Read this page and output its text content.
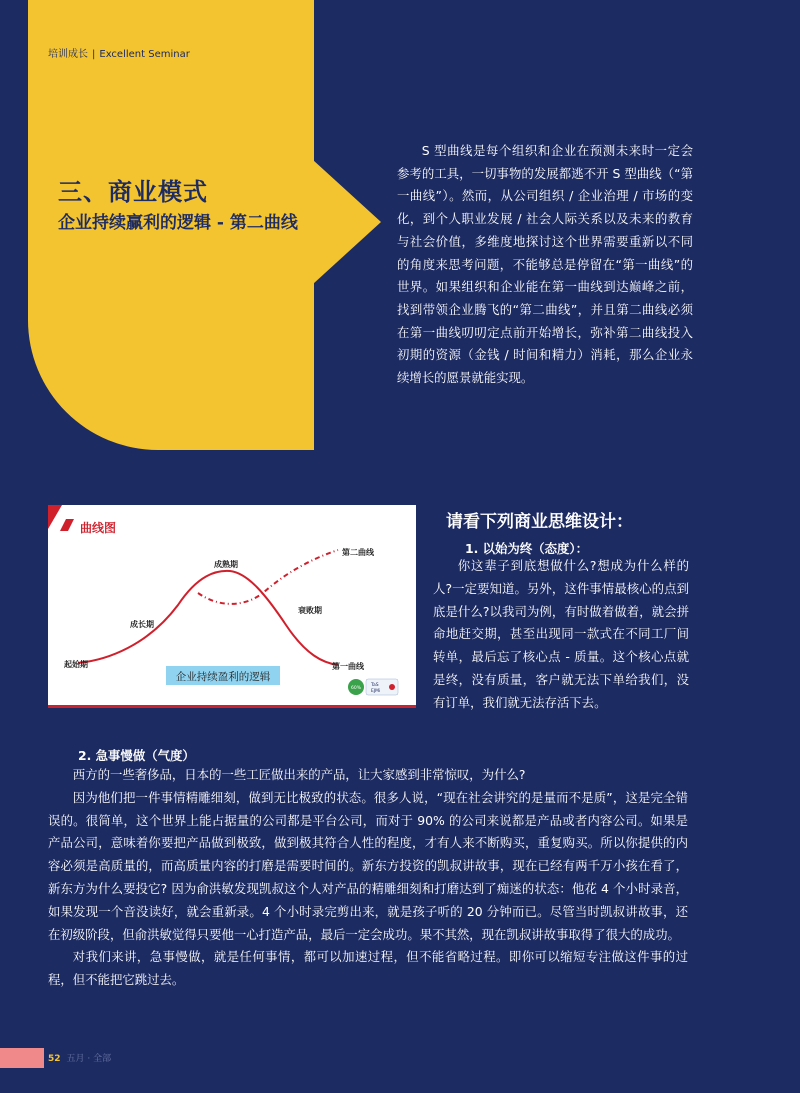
培训成长 | Excellent Seminar
三、商业模式
企业持续赢利的逻辑 - 第二曲线

S 型曲线是每个组织和企业在预测未来时一定会参考的工具，一切事物的发展都逃不开 S 型曲线（“第一曲线”）。然而，从公司组织 / 企业治理 / 市场的变化，到个人职业发展 / 社会人际关系以及未来的教育与社会价值，多维度地探讨这个世界需要重新以不同的角度来思考问题，不能够总是停留在“第一曲线”的世界。如果组织和企业能在第一曲线到达巅峰之前，找到带领企业腾飞的“第二曲线”，并且第二曲线必须在第一曲线叨叨定点前开始增长，弥补第二曲线投入初期的资源（金钱 / 时间和精力）消耗，那么企业永续增长的愿景就能实现。

曲线图
起始期
成长期
成熟期
衰败期
第一曲线
第二曲线
企业持续盈利的逻辑
60%
TaS
EJMi
请看下列商业思维设计：
1. 以始为终（态度）：

你这辈子到底想做什么?想成为什么样的人?一定要知道。另外，这件事情最核心的点到底是什么?以我司为例，有时做着做着，就会拼命地赶交期，甚至出现同一款式在不同工厂间转单，最后忘了核心点 - 质量。这个核心点就是终，没有质量，客户就无法下单给我们，没有订单，我们就无法存活下去。

2. 急事慢做（气度）

西方的一些奢侈品，日本的一些工匠做出来的产品，让大家感到非常惊叹，为什么?

因为他们把一件事情精雕细刻，做到无比极致的状态。很多人说，“现在社会讲究的是量而不是质”，这是完全错误的。很简单，这个世界上能占据量的公司都是平台公司，而对于 90% 的公司来说都是产品或者内容公司。如果是产品公司，意味着你要把产品做到极致，做到极其符合人性的程度，才有人来不断购买，重复购买。所以你提供的内容必须是高质量的，而高质量内容的打磨是需要时间的。新东方投资的凯叔讲故事，现在已经有两千万小孩在看了，新东方为什么要投它? 因为俞洪敏发现凯叔这个人对产品的精雕细刻和打磨达到了痴迷的状态：他花 4 个小时录音，如果发现一个音没读好，就会重新录。4 个小时录完剪出来，就是孩子听的 20 分钟而已。尽管当时凯叔讲故事，还在初级阶段，但俞洪敏觉得只要他一心打造产品，最后一定会成功。果不其然，现在凯叔讲故事取得了很大的成功。

对我们来讲，急事慢做，就是任何事情，都可以加速过程，但不能省略过程。即你可以缩短专注做这件事的过程，但不能把它跳过去。

52 五月 · 全部
